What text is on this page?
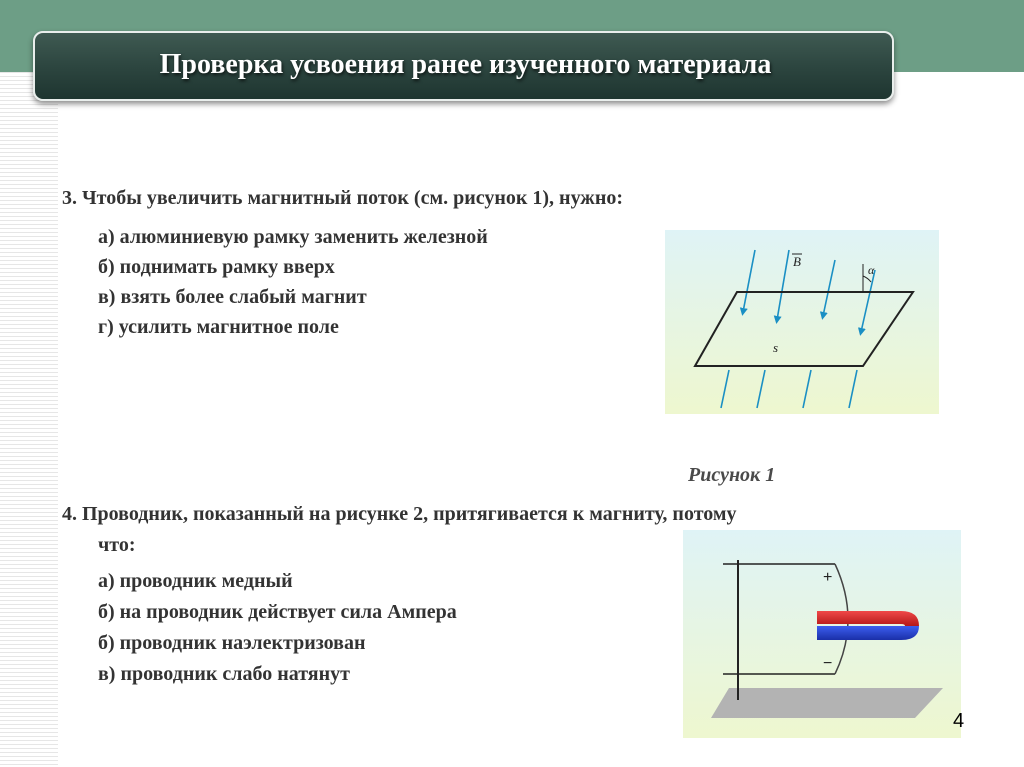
Проверка усвоения ранее изученного материала
3. Чтобы увеличить магнитный поток (см. рисунок 1), нужно:
а) алюминиевую рамку заменить железной
б) поднимать рамку вверх
в) взять более слабый магнит
г) усилить магнитное поле
B
α
s
Рисунок 1
4. Проводник, показанный на рисунке 2, притягивается к магниту, потому
что:
а) проводник медный
б) на проводник действует сила Ампера
б) проводник наэлектризован
в) проводник слабо натянут
+
−
4
